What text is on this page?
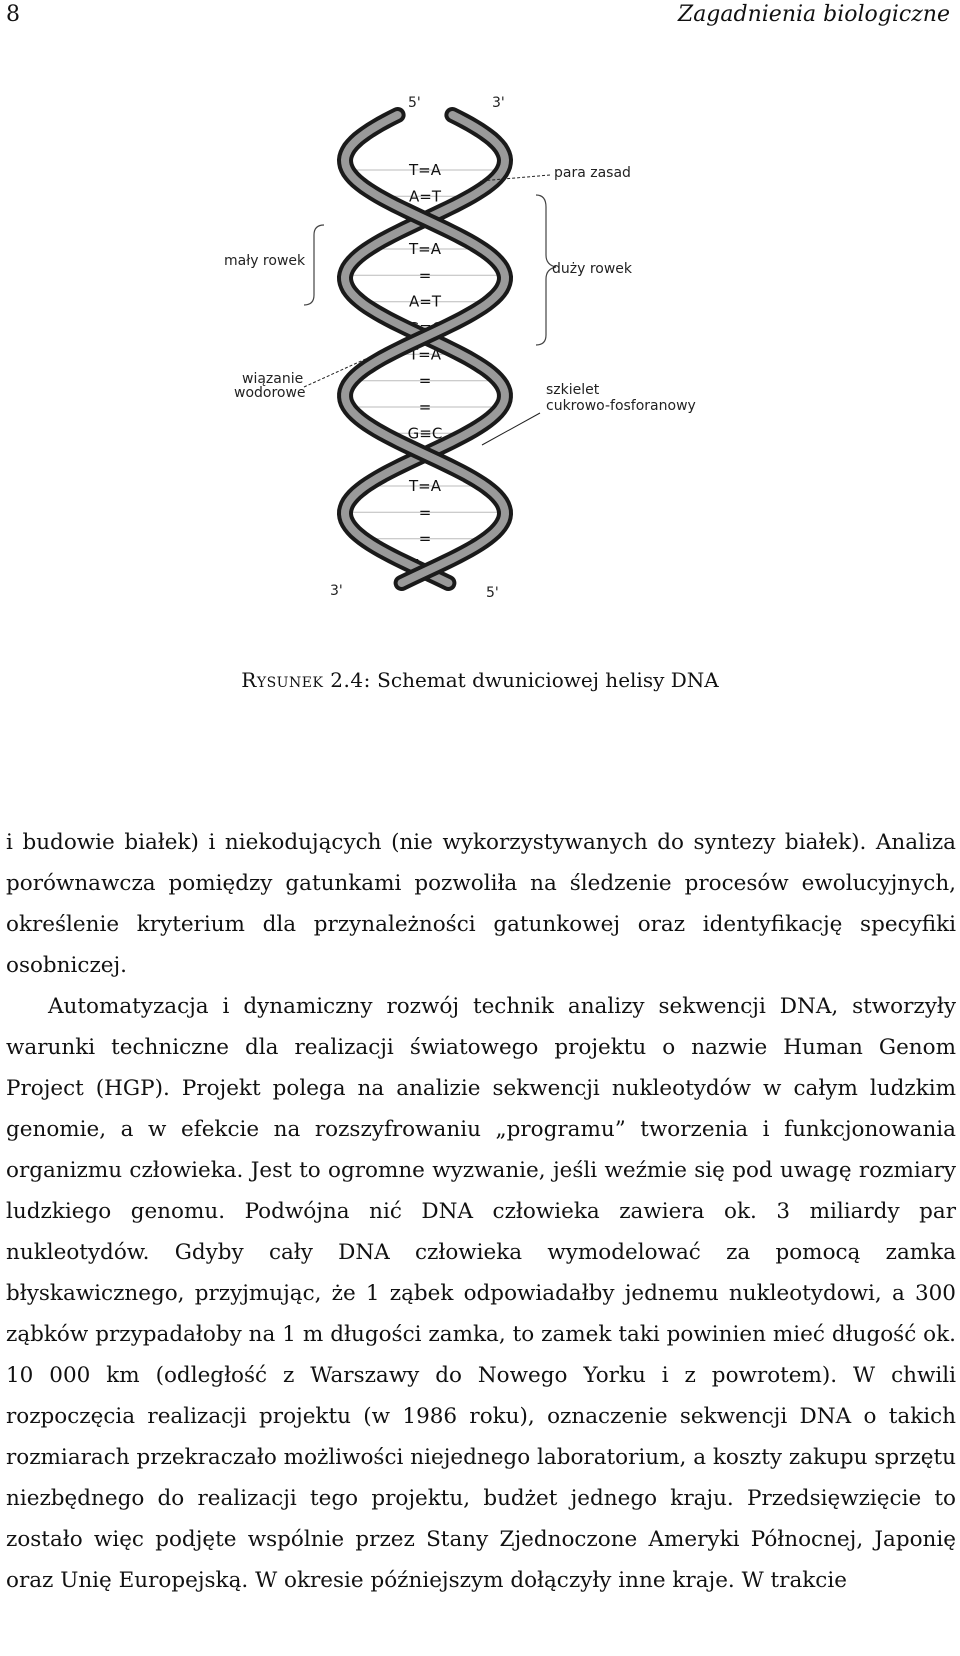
8	Zagadnienia biologiczne
T=A
A=T
G≡C
T=A
=
A=T
G≡C
T=A
=
=
G≡C
C≡G
T=A
=
=
T=A
5'	3'
3'	5'
para zasad
mały rowek	duży rowek
wiązanie
wodorowe	szkielet
cukrowo-fosforanowy
Rysunek 2.4: Schemat dwuniciowej helisy DNA

i budowie białek) i niekodujących (nie wykorzystywanych do syntezy białek). Analiza porównawcza pomiędzy gatunkami pozwoliła na śledzenie procesów ewolucyjnych, określenie kryterium dla przynależności gatunkowej oraz identyfikację specyfiki osobniczej.

Automatyzacja i dynamiczny rozwój technik analizy sekwencji DNA, stworzyły warunki techniczne dla realizacji światowego projektu o nazwie Human Genom Project (HGP). Projekt polega na analizie sekwencji nukleotydów w całym ludzkim genomie, a w efekcie na rozszyfrowaniu „programu” tworzenia i funkcjonowania organizmu człowieka. Jest to ogromne wyzwanie, jeśli weźmie się pod uwagę rozmiary ludzkiego genomu. Podwójna nić DNA człowieka zawiera ok. 3 miliardy par nukleotydów. Gdyby cały DNA człowieka wymodelować za pomocą zamka błyskawicznego, przyjmując, że 1 ząbek odpowiadałby jednemu nukleotydowi, a 300 ząbków przypadałoby na 1 m długości zamka, to zamek taki powinien mieć długość ok. 10 000 km (odległość z Warszawy do Nowego Yorku i z powrotem). W chwili rozpoczęcia realizacji projektu (w 1986 roku), oznaczenie sekwencji DNA o takich rozmiarach przekraczało możliwości niejednego laboratorium, a koszty zakupu sprzętu niezbędnego do realizacji tego projektu, budżet jednego kraju. Przedsięwzięcie to zostało więc podjęte wspólnie przez Stany Zjednoczone Ameryki Północnej, Japonię oraz Unię Europejską. W okresie późniejszym dołączyły inne kraje. W trakcie
